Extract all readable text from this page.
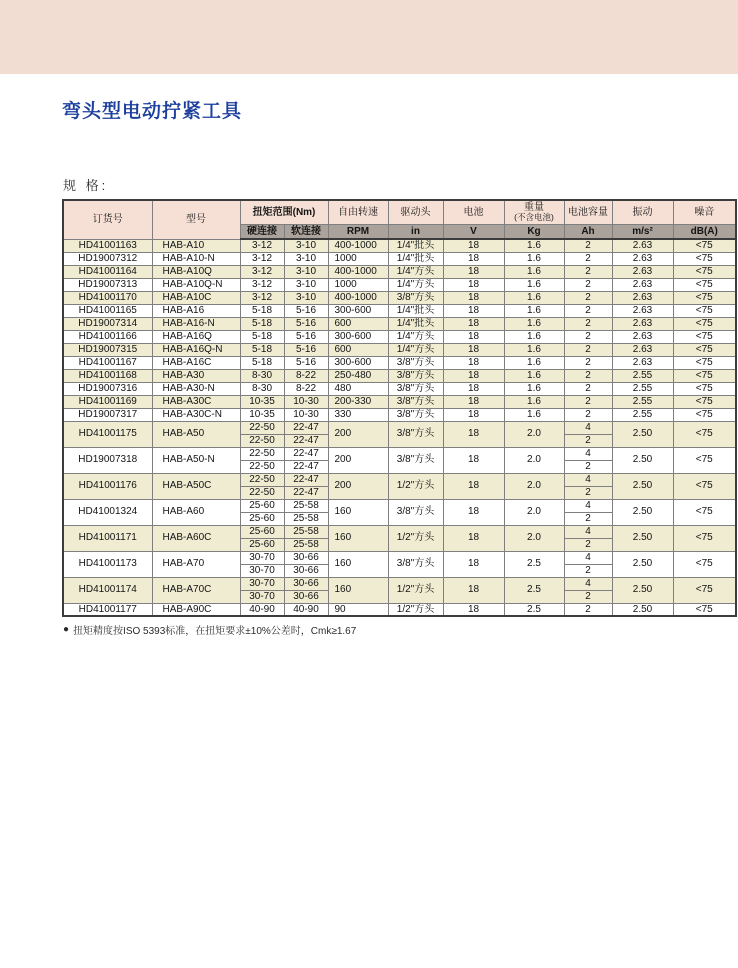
弯头型电动拧紧工具
规 格:
订货号	型号	扭矩范围(Nm)		自由转速	驱动头	电池	重量
(不含电池)	电池容量	振动	噪音
		硬连接	软连接	RPM	in	V	Kg	Ah	m/s²	dB(A)
HD41001163	HAB-A10	3-12	3-10	400-1000	1/4"批头	18	1.6	2	2.63	<75
HD19007312	HAB-A10-N	3-12	3-10	1000	1/4"批头	18	1.6	2	2.63	<75
HD41001164	HAB-A10Q	3-12	3-10	400-1000	1/4"方头	18	1.6	2	2.63	<75
HD19007313	HAB-A10Q-N	3-12	3-10	1000	1/4"方头	18	1.6	2	2.63	<75
HD41001170	HAB-A10C	3-12	3-10	400-1000	3/8"方头	18	1.6	2	2.63	<75
HD41001165	HAB-A16	5-18	5-16	300-600	1/4"批头	18	1.6	2	2.63	<75
HD19007314	HAB-A16-N	5-18	5-16	600	1/4"批头	18	1.6	2	2.63	<75
HD41001166	HAB-A16Q	5-18	5-16	300-600	1/4"方头	18	1.6	2	2.63	<75
HD19007315	HAB-A16Q-N	5-18	5-16	600	1/4"方头	18	1.6	2	2.63	<75
HD41001167	HAB-A16C	5-18	5-16	300-600	3/8"方头	18	1.6	2	2.63	<75
HD41001168	HAB-A30	8-30	8-22	250-480	3/8"方头	18	1.6	2	2.55	<75
HD19007316	HAB-A30-N	8-30	8-22	480	3/8"方头	18	1.6	2	2.55	<75
HD41001169	HAB-A30C	10-35	10-30	200-330	3/8"方头	18	1.6	2	2.55	<75
HD19007317	HAB-A30C-N	10-35	10-30	330	3/8"方头	18	1.6	2	2.55	<75
HD41001175	HAB-A50	22-50	22-47	200	3/8"方头	18	2.0	4	2.50	<75
		22-50	22-47					2		
HD19007318	HAB-A50-N	22-50	22-47	200	3/8"方头	18	2.0	4	2.50	<75
		22-50	22-47					2		
HD41001176	HAB-A50C	22-50	22-47	200	1/2"方头	18	2.0	4	2.50	<75
		22-50	22-47					2		
HD41001324	HAB-A60	25-60	25-58	160	3/8"方头	18	2.0	4	2.50	<75
		25-60	25-58					2		
HD41001171	HAB-A60C	25-60	25-58	160	1/2"方头	18	2.0	4	2.50	<75
		25-60	25-58					2		
HD41001173	HAB-A70	30-70	30-66	160	3/8"方头	18	2.5	4	2.50	<75
		30-70	30-66					2		
HD41001174	HAB-A70C	30-70	30-66	160	1/2"方头	18	2.5	4	2.50	<75
		30-70	30-66					2		
HD41001177	HAB-A90C	40-90	40-90	90	1/2"方头	18	2.5	2	2.50	<75
● 扭矩精度按ISO 5393标准，在扭矩要求±10%公差时，Cmk≥1.67
